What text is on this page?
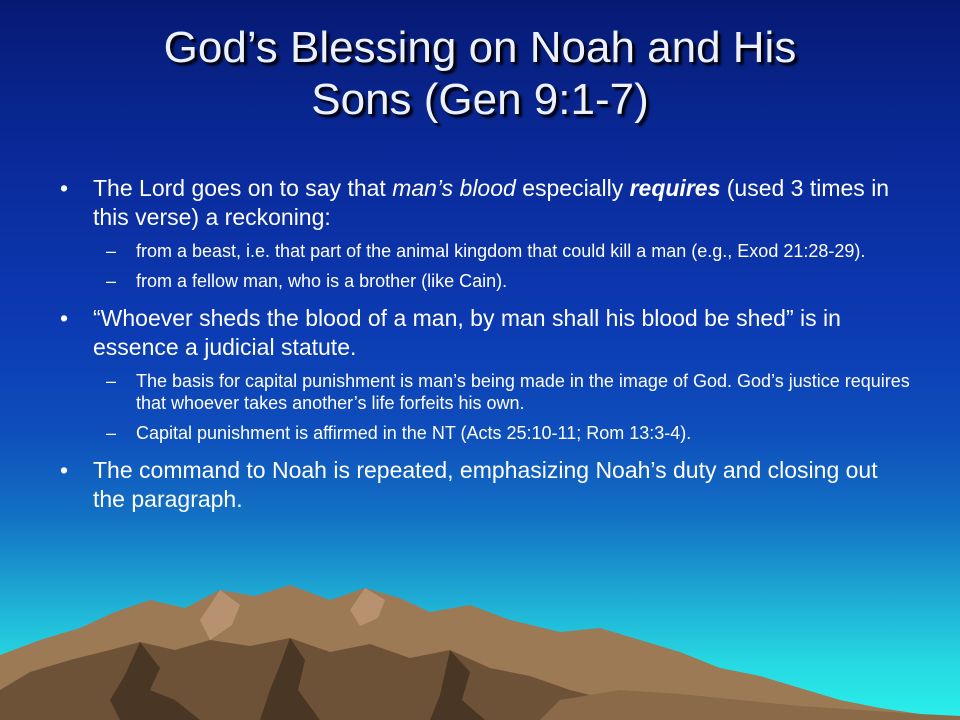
God’s Blessing on Noah and His
Sons (Gen 9:1-7)
• The Lord goes on to say that man’s blood especially requires (used 3 times in this verse) a reckoning:
– from a beast, i.e. that part of the animal kingdom that could kill a man (e.g., Exod 21:28-29).
– from a fellow man, who is a brother (like Cain).
• “Whoever sheds the blood of a man, by man shall his blood be shed” is in essence a judicial statute.
– The basis for capital punishment is man’s being made in the image of God. God’s justice requires that whoever takes another’s life forfeits his own.
– Capital punishment is affirmed in the NT (Acts 25:10-11; Rom 13:3-4).
• The command to Noah is repeated, emphasizing Noah’s duty and closing out the paragraph.
